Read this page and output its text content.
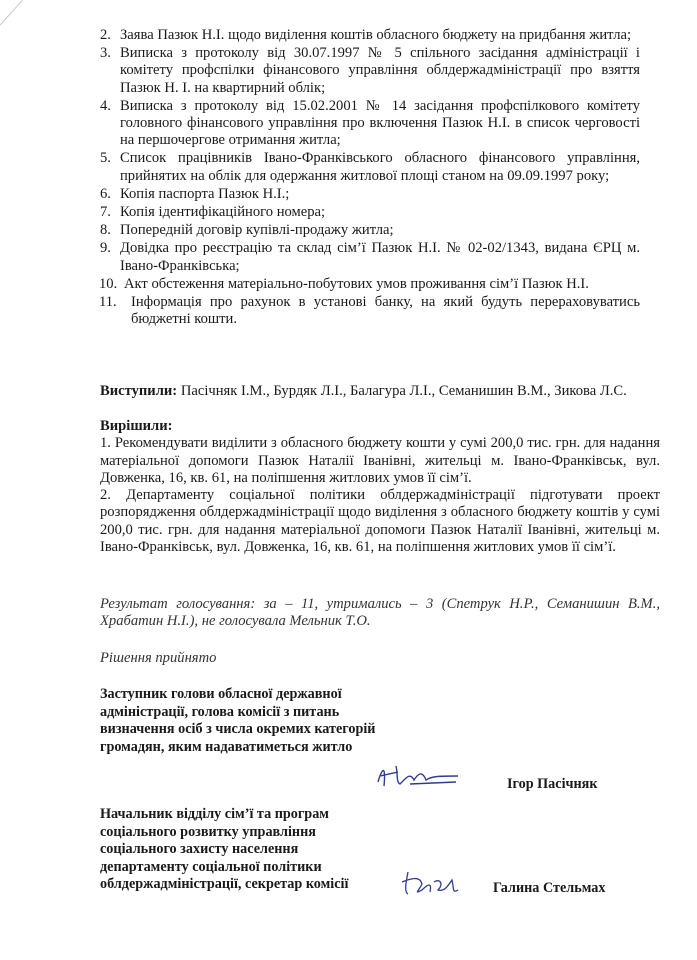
2. Заява Пазюк Н.І. щодо виділення коштів обласного бюджету на придбання житла;
3. Виписка з протоколу від 30.07.1997 № 5 спільного засідання адміністрації і комітету профспілки фінансового управління облдержадміністрації про взяття Пазюк Н. І. на квартирний облік;
4. Виписка з протоколу від 15.02.2001 № 14 засідання профспілкового комітету головного фінансового управління про включення Пазюк Н.І. в список черговості на першочергове отримання житла;
5. Список працівників Івано-Франківського обласного фінансового управління, прийнятих на облік для одержання житлової площі станом на 09.09.1997 року;
6. Копія паспорта Пазюк Н.І.;
7. Копія ідентифікаційного номера;
8. Попередній договір купівлі-продажу житла;
9. Довідка про реєстрацію та склад сім’ї Пазюк Н.І. № 02-02/1343, видана ЄРЦ м. Івано-Франківська;
10. Акт обстеження матеріально-побутових умов проживання сім’ї Пазюк Н.І.
11. Інформація про рахунок в установі банку, на який будуть перераховуватись бюджетні кошти.
Виступили: Пасічняк І.М., Бурдяк Л.І., Балагура Л.І., Семанишин В.М., Зикова Л.С.
Вирішили:
1. Рекомендувати виділити з обласного бюджету кошти у сумі 200,0 тис. грн. для надання матеріальної допомоги Пазюк Наталії Іванівні, жительці м. Івано-Франківськ, вул. Довженка, 16, кв. 61, на поліпшення житлових умов її сім’ї.
2. Департаменту соціальної політики облдержадміністрації підготувати проект розпорядження облдержадміністрації щодо виділення з обласного бюджету коштів у сумі 200,0 тис. грн. для надання матеріальної допомоги Пазюк Наталії Іванівні, жительці м. Івано-Франківськ, вул. Довженка, 16, кв. 61, на поліпшення житлових умов її сім’ї.
Результат голосування: за – 11, утримались – 3 (Спетрук Н.Р., Семанишин В.М., Храбатин Н.І.), не голосувала Мельник Т.О.
Рішення прийнято
Заступник голови обласної державної адміністрації, голова комісії з питань визначення осіб з числа окремих категорій громадян, яким надаватиметься житло
Ігор Пасічняк
Начальник відділу сім’ї та програм соціального розвитку управління соціального захисту населення департаменту соціальної політики облдержадміністрації, секретар комісії	Галина Стельмах
